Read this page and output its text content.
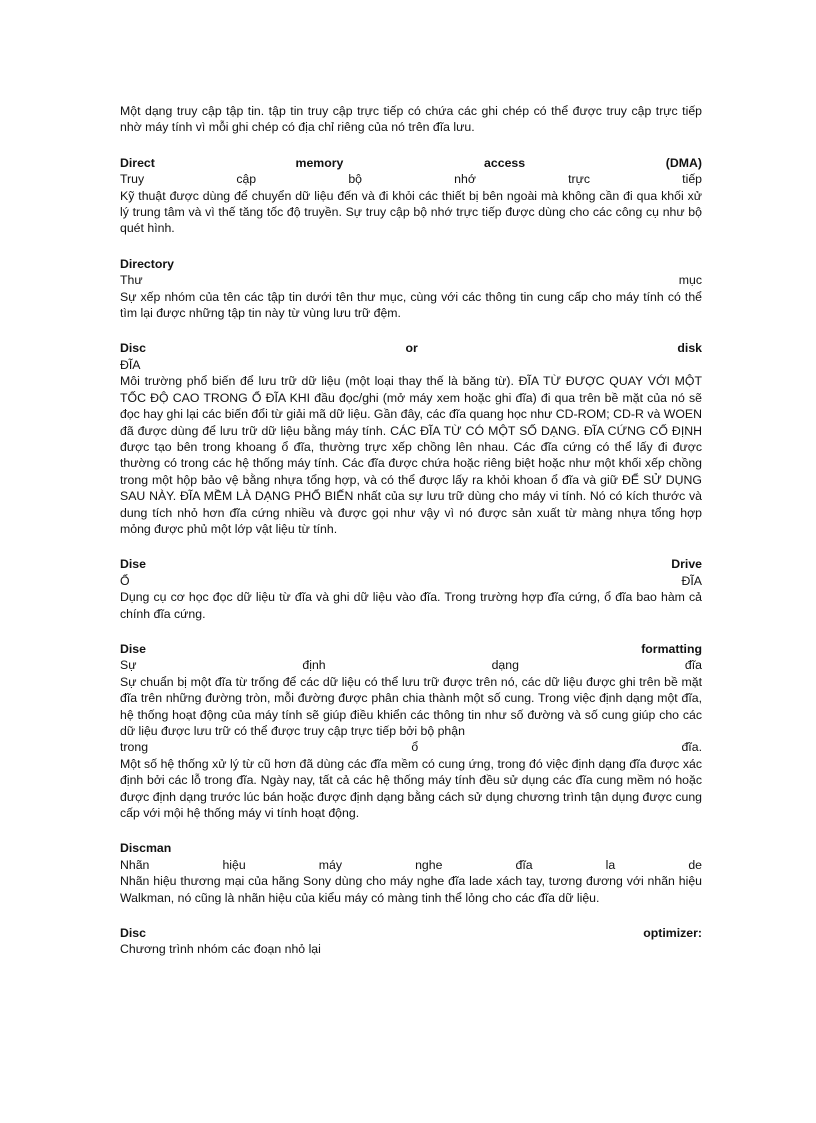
Một dạng truy cập tập tin. tập tin truy cập trực tiếp có chứa các ghi chép có thể được truy cập trực tiếp nhờ máy tính vì mỗi ghi chép có địa chỉ riêng của nó trên đĩa lưu.

Direct	memory	access	(DMA)
Truy	cập	bộ	nhớ	trực	tiếp

Kỹ thuật được dùng để chuyển dữ liệu đến và đi khỏi các thiết bị bên ngoài mà không cần đi qua khối xử lý trung tâm và vì thế tăng tốc độ truyền. Sự truy cập bộ nhớ trực tiếp được dùng cho các công cụ như bộ quét hình.

Directory
Thư	mục

Sự xếp nhóm của tên các tập tin dưới tên thư mục, cùng với các thông tin cung cấp cho máy tính có thể tìm lại được những tập tin này từ vùng lưu trữ đệm.

Disc	or	disk
ĐĨA

Môi trường phổ biến để lưu trữ dữ liệu (một loại thay thế là băng từ). ĐĨA TỪ ĐƯỢC QUAY VỚI MỘT TỐC ĐỘ CAO TRONG Ổ ĐĨA KHI đầu đọc/ghi (mở máy xem hoặc ghi đĩa) đi qua trên bề mặt của nó sẽ đọc hay ghi lại các biến đổi từ giải mã dữ liệu. Gần đây, các đĩa quang học như CD-ROM; CD-R và WOEN đã được dùng để lưu trữ dữ liệu bằng máy tính. CÁC ĐĨA TỪ CÓ MỘT SỐ DẠNG. ĐĨA CỨNG CỐ ĐỊNH được tạo bên trong khoang ổ đĩa, thường trực xếp chồng lên nhau. Các đĩa cứng có thể lấy đi được thường có trong các hệ thống máy tính. Các đĩa được chứa hoặc riêng biệt hoặc như một khối xếp chồng trong một hộp bảo vệ bằng nhựa tổng hợp, và có thể được lấy ra khỏi khoan ổ đĩa và giữ ĐỂ SỬ DỤNG SAU NÀY. ĐĨA MỀM LÀ DẠNG PHỔ BIẾN nhất của sự lưu trữ dùng cho máy vi tính. Nó có kích thước và dung tích nhỏ hơn đĩa cứng nhiều và được gọi như vậy vì nó được sản xuất từ màng nhựa tổng hợp mỏng được phủ một lớp vật liệu từ tính.

Dise	Drive
Ổ	ĐĨA

Dụng cụ cơ học đọc dữ liệu từ đĩa và ghi dữ liệu vào đĩa. Trong trường hợp đĩa cứng, ổ đĩa bao hàm cả chính đĩa cứng.

Dise	formatting
Sự	định	dạng	đĩa

Sự chuẩn bị một đĩa từ trống để các dữ liệu có thể lưu trữ được trên nó, các dữ liệu được ghi trên bề mặt đĩa trên những đường tròn, mỗi đường được phân chia thành một số cung. Trong việc định dạng một đĩa, hệ thống hoạt động của máy tính sẽ giúp điều khiển các thông tin như số đường và số cung giúp cho các dữ liệu được lưu trữ có thể được truy cập trực tiếp bởi bộ phận

trong	ổ	đĩa.

Một số hệ thống xử lý từ cũ hơn đã dùng các đĩa mềm có cung ứng, trong đó việc định dạng đĩa được xác định bởi các lỗ trong đĩa. Ngày nay, tất cả các hệ thống máy tính đều sử dụng các đĩa cung mềm nó hoặc được định dạng trước lúc bán hoặc được định dạng bằng cách sử dụng chương trình tận dụng được cung cấp với mội hệ thống máy vi tính hoạt động.

Discman
Nhãn	hiệu	máy	nghe	đĩa	la	de

Nhãn hiệu thương mại của hãng Sony dùng cho máy nghe đĩa lade xách tay, tương đương với nhãn hiệu Walkman, nó cũng là nhãn hiệu của kiểu máy có màng tinh thể lỏng cho các đĩa dữ liệu.

Disc	optimizer:

Chương trình nhóm các đoạn nhỏ lại
